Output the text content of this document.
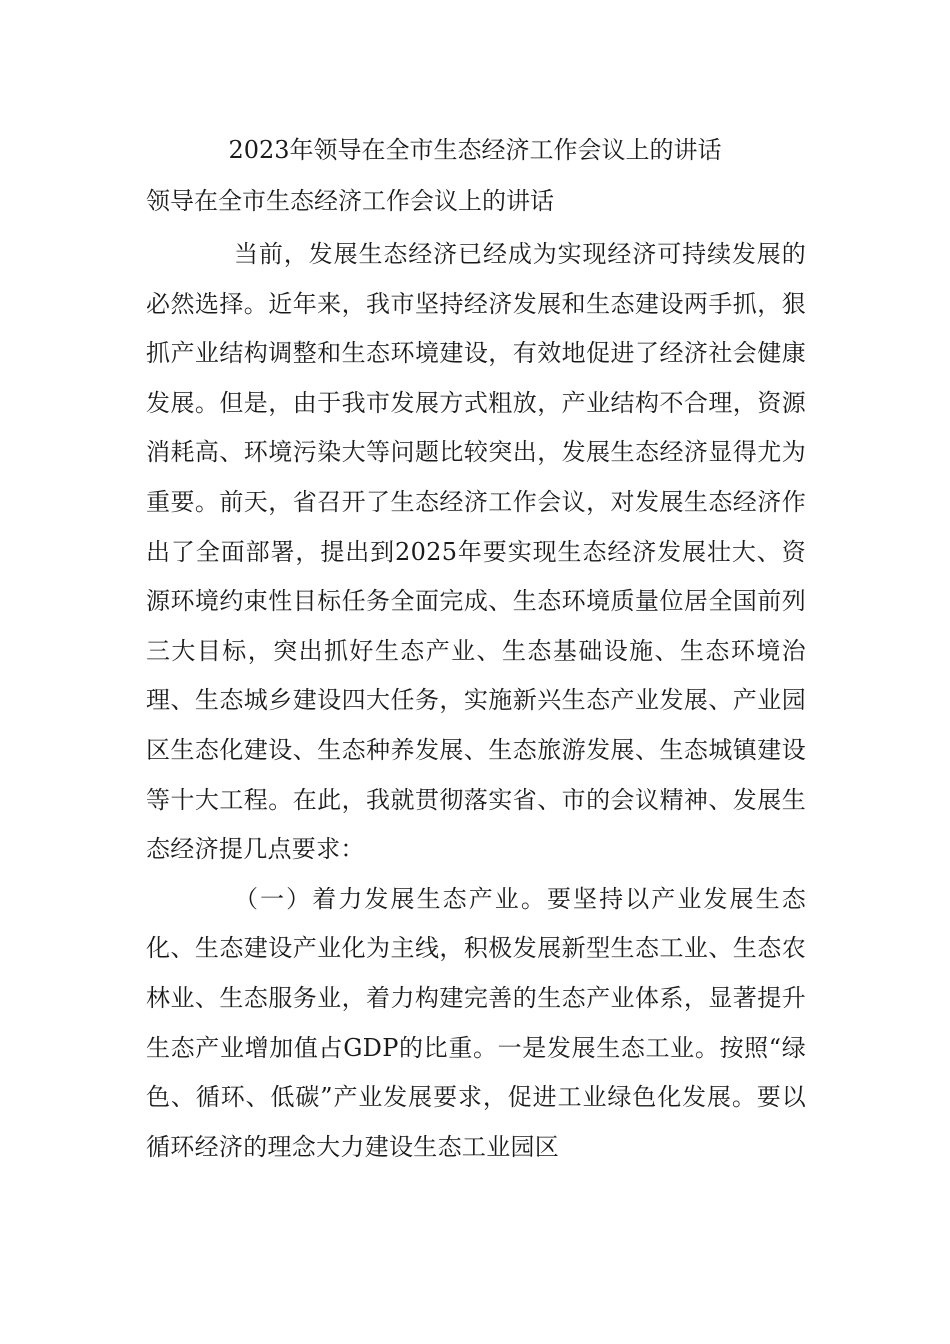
2023年领导在全市生态经济工作会议上的讲话
领导在全市生态经济工作会议上的讲话

当前，发展生态经济已经成为实现经济可持续发展的必然选择。近年来，我市坚持经济发展和生态建设两手抓，狠抓产业结构调整和生态环境建设，有效地促进了经济社会健康发展。但是，由于我市发展方式粗放，产业结构不合理，资源消耗高、环境污染大等问题比较突出，发展生态经济显得尤为重要。前天，省召开了生态经济工作会议，对发展生态经济作出了全面部署，提出到2025年要实现生态经济发展壮大、资源环境约束性目标任务全面完成、生态环境质量位居全国前列三大目标，突出抓好生态产业、生态基础设施、生态环境治理、生态城乡建设四大任务，实施新兴生态产业发展、产业园区生态化建设、生态种养发展、生态旅游发展、生态城镇建设等十大工程。在此，我就贯彻落实省、市的会议精神、发展生态经济提几点要求：

（一）着力发展生态产业。要坚持以产业发展生态化、生态建设产业化为主线，积极发展新型生态工业、生态农林业、生态服务业，着力构建完善的生态产业体系，显著提升生态产业增加值占GDP的比重。一是发展生态工业。按照“绿色、循环、低碳”产业发展要求，促进工业绿色化发展。要以循环经济的理念大力建设生态工业园区
